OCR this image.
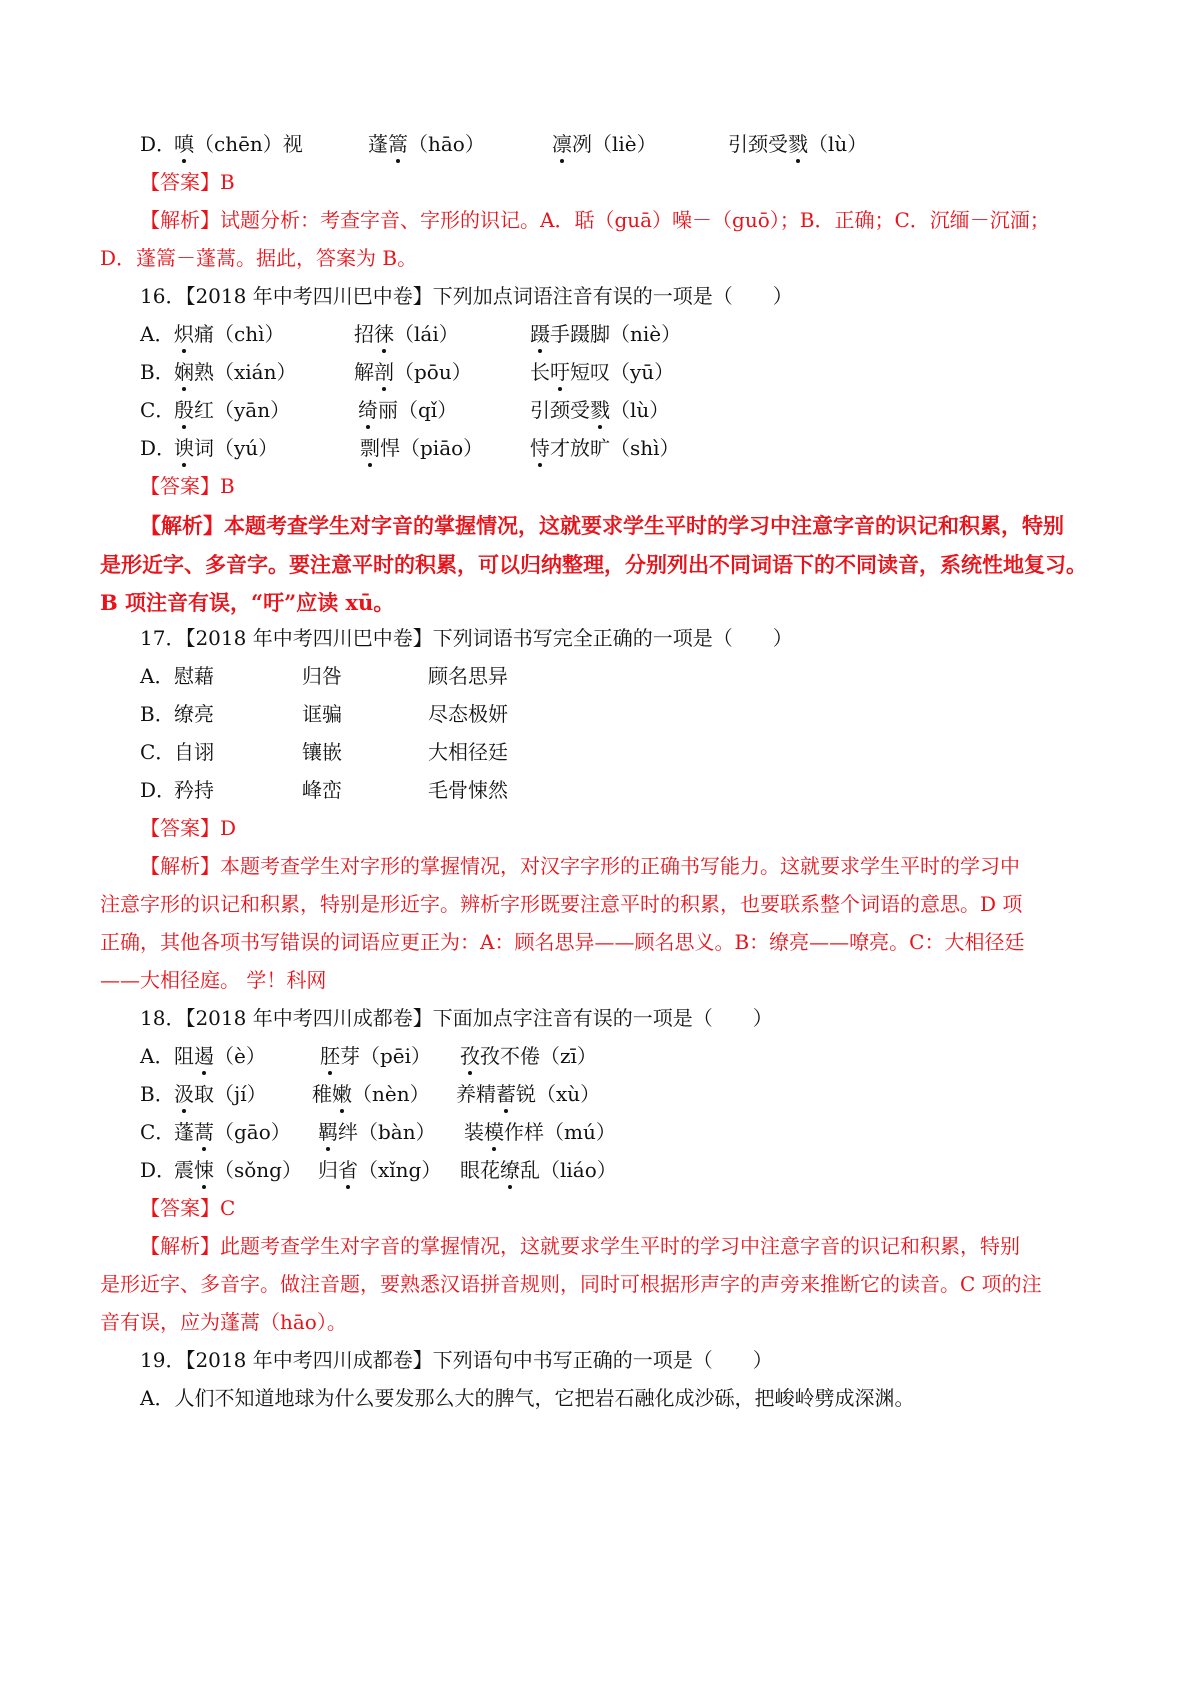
D．
嗔（chēn）视	蓬篙（hāo）	凛冽（liè）	引颈受戮（lù）
【答案】B
【解析】试题分析：考查字音、字形的识记。A．聒（guā）噪－（guō）；B．正确；C．沉缅－沉湎；
D．蓬篙－蓬蒿。据此，答案为 B。
16．【2018 年中考四川巴中卷】下列加点词语注音有误的一项是（　　）
A． 炽痛（chì）	招徕（lái）	蹑手蹑脚（niè）
B． 娴熟（xián）	解剖（pōu）	长吁短叹（yū）
C．
殷红（yān）	绮丽（qǐ）	引颈受戮（lù）
D．
谀词（yú）	剽悍（piāo） 恃才放旷（shì）
【答案】B
【解析】本题考查学生对字音的掌握情况，这就要求学生平时的学习中注意字音的识记和积累，特别
是形近字、多音字。要注意平时的积累，可以归纳整理，分别列出不同词语下的不同读音，系统性地复习。
B 项注音有误，“吁”应读 xū。
17．【2018 年中考四川巴中卷】下列词语书写完全正确的一项是（　　）
A． 慰藉	归咎	顾名思异
B． 缭亮	诓骗	尽态极妍
C．
自诩	镶嵌	大相径廷
D．
矜持	峰峦	毛骨悚然
【答案】D
【解析】本题考查学生对字形的掌握情况，对汉字字形的正确书写能力。这就要求学生平时的学习中
注意字形的识记和积累，特别是形近字。辨析字形既要注意平时的积累，也要联系整个词语的意思。D 项
正确，其他各项书写错误的词语应更正为：A：顾名思异——顾名思义。B：缭亮——嘹亮。C：大相径廷
——大相径庭。 学！科网
18．【2018 年中考四川成都卷】下面加点字注音有误的一项是（　　）
A． 阻遏（è）	胚芽（pēi） 孜孜不倦（zī）
B． 汲取（jí） 稚嫩（nèn） 养精蓄锐（xù）
C．
蓬蒿（gāo） 羁绊（bàn） 装模作样（mú）
D．
震悚（sǒng） 归省（xǐng） 眼花缭乱（liáo）
【答案】C
【解析】此题考查学生对字音的掌握情况，这就要求学生平时的学习中注意字音的识记和积累，特别
是形近字、多音字。做注音题，要熟悉汉语拼音规则，同时可根据形声字的声旁来推断它的读音。C 项的注
音有误，应为蓬蒿（hāo）。
19．【2018 年中考四川成都卷】下列语句中书写正确的一项是（　　）
A．人们不知道地球为什么要发那么大的脾气，它把岩石融化成沙砾，把峻岭劈成深渊。
